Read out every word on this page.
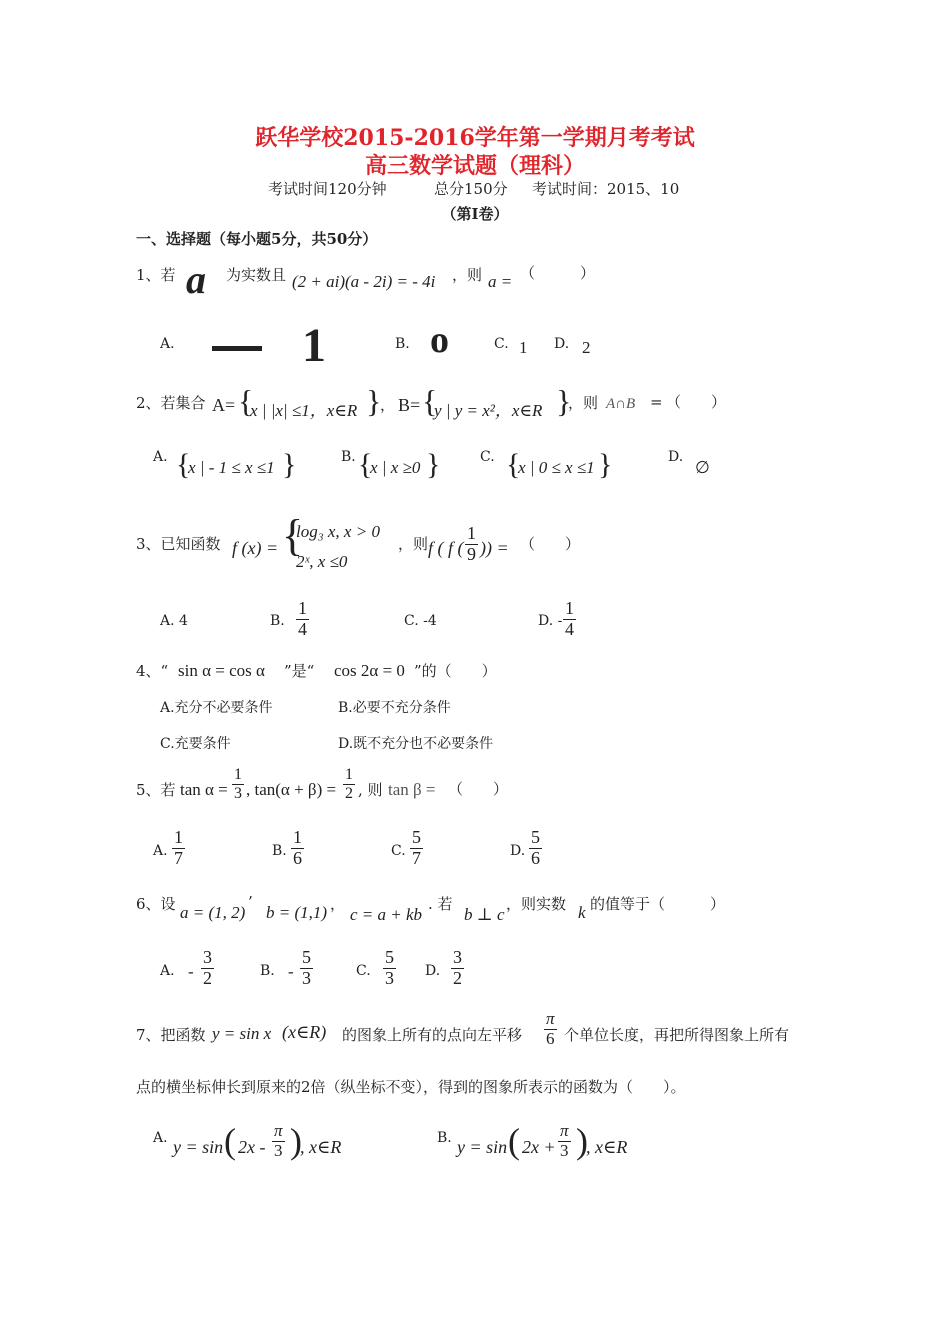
跃华学校2015-2016学年第一学期月考考试
高三数学试题（理科）
考试时间120分钟	总分150分 考试时间：2015、10
（第Ⅰ卷）
一、选择题（每小题5分，共50分）
1、若 a 为实数且 (2 + ai)(a - 2i) = - 4i ，则 a = （　　　）
A. — 1	B. o	C. 1 D. 2
2、若集合 A= {
x | |x| ≤1，x∈R }
， B= {
y | y = x²，x∈R }
，则 A∩B = （　　）
A. {
x | - 1 ≤ x ≤1 }	B. {
x | x ≥0 }	C. {
x | 0 ≤ x ≤1 }	D.
∅
3、已知函数 f (x) = {
log₃ x, x > 0
2ˣ, x ≤0
，则 f ( f ( $\frac{1}{9}$ )) = （　　）
A. 4	B. $\frac{1}{4}$	C. -4	D. - $\frac{1}{4}$
4、“ sin α = cos α ”是“ cos 2α = 0 ”的（　　）
A.充分不必要条件	B.必要不充分条件
C.充要条件	D.既不充分也不必要条件
5、若 $\tan \alpha = \frac{1}{3}$ , $\tan(\alpha + \beta) = \frac{1}{2}$ , 则 tan β = （　　）
A. $\frac{1}{7}$	B. $\frac{1}{6}$	C. $\frac{5}{7}$	D. $\frac{5}{6}$
6、设 a = (1, 2)
’
b = (1,1) ，
c = a + kb
. 若
b ⊥ c
，则实数 k 的值等于（　　　）
A. - $\frac{3}{2}$	B. - $\frac{5}{3}$	C. $\frac{5}{3} D$. $\frac{3}{2}$
7、把函数 y = sin x (x∈R) 的图象上所有的点向左平移 $\frac{\pi}{6}$ 个单位长度，再把所得图象上所有
点的横坐标伸长到原来的2倍（纵坐标不变），得到的图象所表示的函数为（　　）。
A. y = sin ( $2x - \frac{\pi}{3}$ )
, x∈R	B. y = sin ( $2x + \frac{\pi}{3}$ )
, x∈R
